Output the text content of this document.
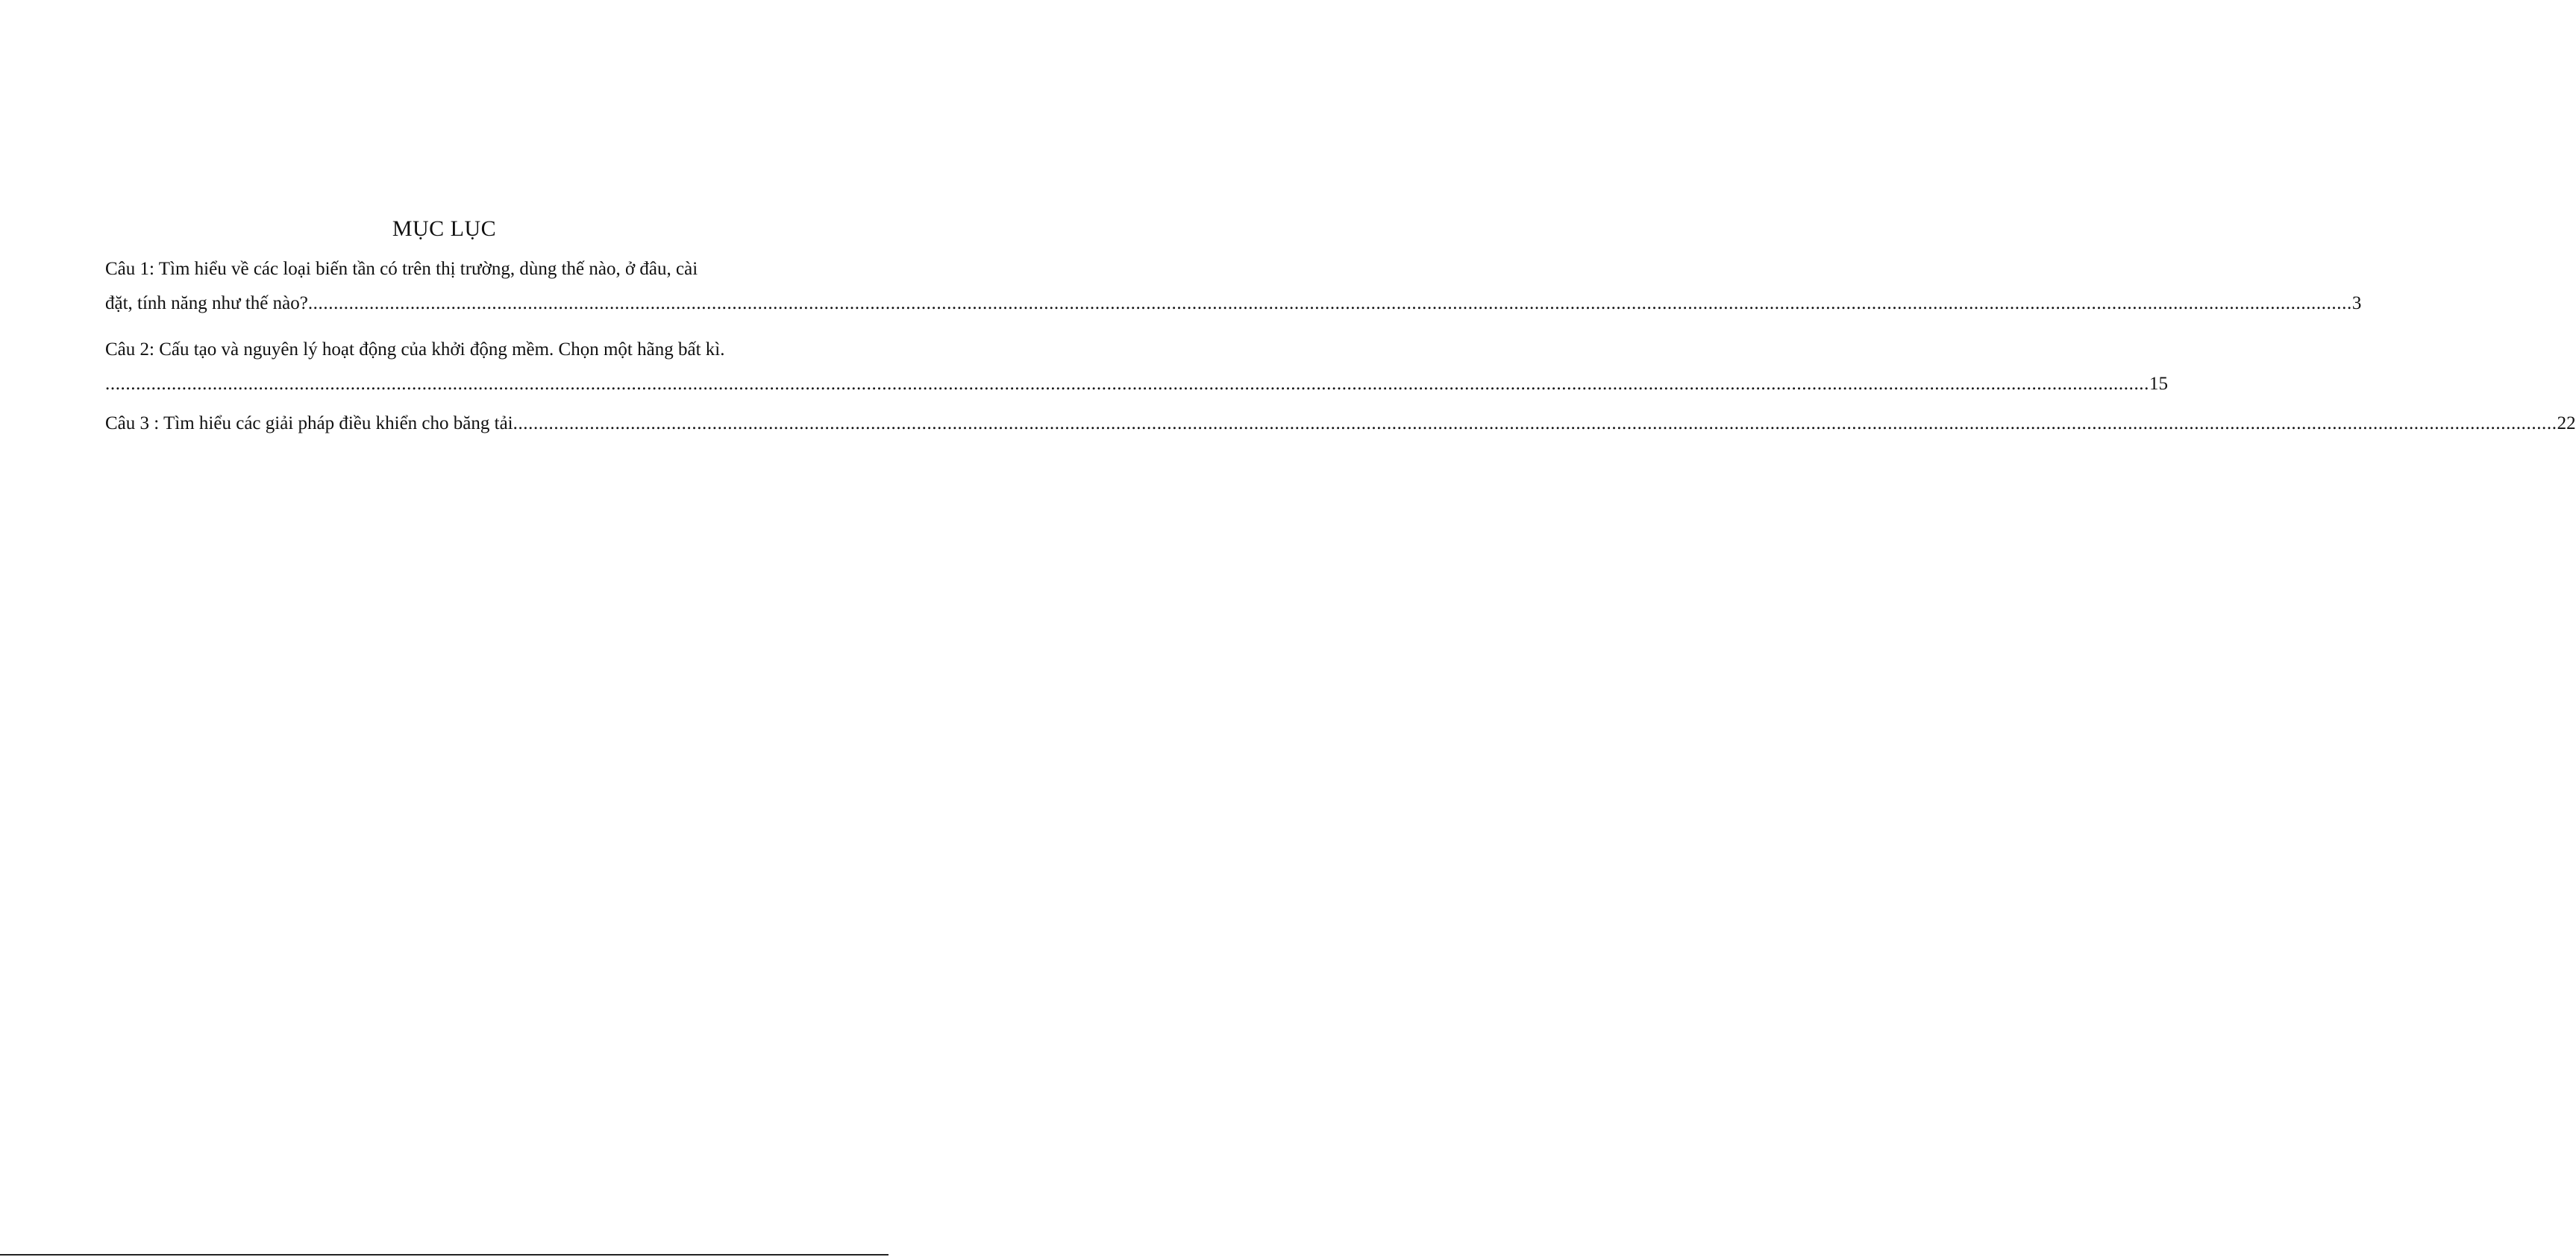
MỤC LỤC
Câu 1: Tìm hiểu về các loại biến tần có trên thị trường, dùng thế nào, ở đâu, cài
đặt, tính năng như thế nào? ................................................................................................................................................................................................................................................................................................................................................................................................................ 3
Câu 2: Cấu tạo và nguyên lý hoạt động của khởi động mềm. Chọn một hãng bất kì.
................................................................................................................................................................................................................................................................................................................................................................................................................ 15
Câu 3 : Tìm hiểu các giải pháp điều khiển cho băng tải ................................................................................................................................................................................................................................................................................................................................................................................................................ 22
